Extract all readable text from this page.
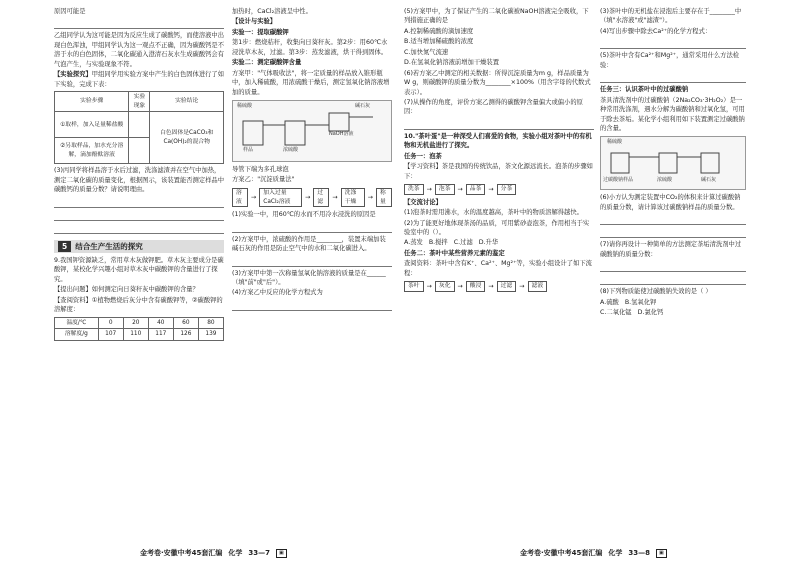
原因可能是

乙组同学认为这可能是因为反应生成了碳酸钙，而使溶液中出现白色浑浊，甲组同学认为这一观点不正确，因为碳酸钙是不溶于水的白色固体，二氧化碳通入澄清石灰水生成碳酸钙会有气泡产生，与实验现象不符。

【实验探究】甲组同学用实验方案中产生的白色固体进行了如下实验，完成下表：

实验步骤	实验现象	实验结论
①取样，加入足量稀盐酸		白色固体是CaCO₃和Ca(OH)₂的混合物
②另取样品，加水充分溶解，滴加酚酞溶液		

(3)丙同学将样品溶于水后过滤，洗涤滤渣并在空气中加热，测定二氧化碳的质量变化，根据图示，该装置能否测定样品中碳酸钙的质量分数？请说明理由。

5	结合生产生活的探究

9.我国钾资源缺乏，常用草木灰做钾肥。草木灰主要成分是碳酸钾，某校化学兴趣小组对草木灰中碳酸钾的含量进行了探究。

【提出问题】如何测定向日葵秆灰中碳酸钾的含量？

【查阅资料】①植物燃烧后灰分中含有碳酸钾等，②碳酸钾的溶解度：

温度/℃	0	20	40	60	80
溶解度/g	107	110	117	126	139

加热时，CaCl₂溶液呈中性。

【设计与实验】

实验一：提取碳酸钾

第1步：燃烧秸秆，收集向日葵秆灰。第2步：用60℃水浸洗草木灰，过滤。第3步：蒸发滤液，烘干得到固体。

实验二：测定碳酸钾含量

方案甲："气体吸收法"，将一定质量的样品放入锥形瓶中，加入稀硫酸，用浓硫酸干燥后，测定氢氧化钠溶液增加的质量。

稀硫酸
样品	浓硫酸
NaOH溶液
碱石灰

导管下端为多孔球泡

方案乙："沉淀质量法"

溶液
→
加入过量CaCl₂溶液
→
过滤
→
洗涤干燥
→
称量

(1)实验一中，用60℃的水而不用冷水浸洗的原因是

(2)方案甲中，浓硫酸的作用是________，装置末端加装碱石灰的作用是防止空气中的水和二氧化碳进入。

(3)方案甲中第一次称量氢氧化钠溶液的质量是在______（填"前"或"后"）。

(4)方案乙中反应的化学方程式为

(5)方案甲中，为了保证产生的二氧化碳被NaOH溶液完全吸收，下列措施正确的是

A.控制稀硫酸的滴加速度

B.适当增加稀硫酸的浓度

C.加快氮气流速

D.在氢氧化钠溶液前增加干燥装置

(6)若方案乙中测定的相关数据：所得沉淀质量为m g，样品质量为W g，则碳酸钾的质量分数为________×100%（用含字母的代数式表示）。

(7)从操作的角度，评价方案乙测得的碳酸钾含量偏大或偏小的原因：

10."茶叶蛋"是一种深受人们喜爱的食物，实验小组对茶叶中的有机物和无机盐进行了探究。

任务一：泡茶

【学习资料】茶是我国的传统饮品，茶文化源远流长。泡茶的步骤如下：

洗茶	→	泡茶	→	品茶	→	分茶

【交流讨论】

(1)泡茶时需用沸水，水的温度越高，茶叶中的物质溶解得越快。

(2)为了能更好地体现茶汤的品质，可用紫砂壶泡茶，作用相当于实验室中的（）。

A.蒸发 B.搅拌 C.过滤 D.升华

任务二：茶叶中某些营养元素的鉴定

查阅资料：茶叶中含有K⁺、Ca²⁺、Mg²⁺等，实验小组设计了如下流程：

茶叶	→	灰化	→	酸浸	→	过滤	→	滤液

(3)茶叶中的无机盐在浸泡后主要存在于________中（填"水溶液"或"滤渣"）。

(4)写出步骤中除去Ca²⁺的化学方程式：

(5)茶叶中含有Ca²⁺和Mg²⁺，通常采用什么方法检验：

任务三：认识茶叶中的过碳酸钠

茶具清洗剂中的过碳酸钠（2Na₂CO₃·3H₂O₂）是一种常用洗涤剂，遇水分解为碳酸钠和过氧化氢，可用于除去茶垢。某化学小组利用如下装置测定过碳酸钠的含量。

稀硫酸
过碳酸钠样品	浓硫酸	碱石灰

(6)小方认为测定装置中CO₂的体积来计算过碳酸钠的质量分数，请计算该过碳酸钠样品的质量分数。

(7)请你再设计一种简单的方法测定茶垢清洗剂中过碳酸钠的质量分数：

(8)下列物质能使过碳酸钠失效的是（ ）

A.硫酸 B.氢氧化钾

C.二氧化锰 D.氯化钙

金考卷·安徽中考45套汇编 化学 33—7	▣	金考卷·安徽中考45套汇编 化学 33—8	▣
